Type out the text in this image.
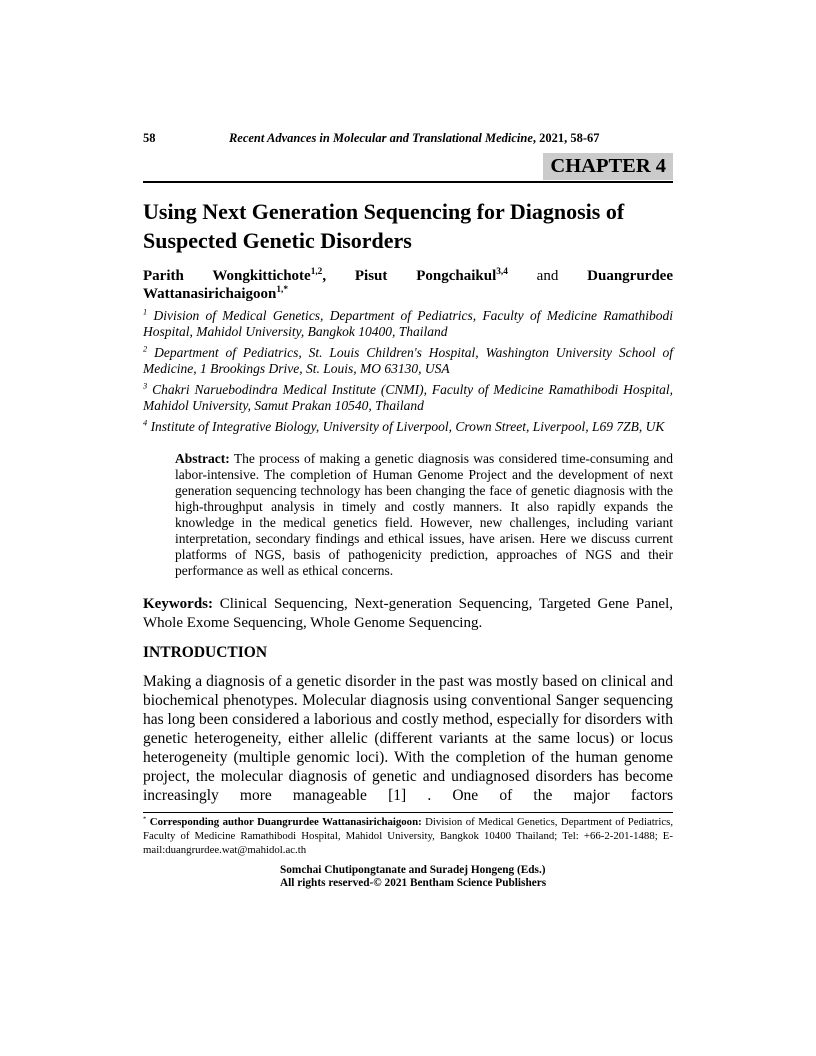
58	Recent Advances in Molecular and Translational Medicine, 2021, 58-67
CHAPTER 4
Using Next Generation Sequencing for Diagnosis of Suspected Genetic Disorders

Parith Wongkittichote$^{1,2}$, Pisut Pongchaikul$^{3,4}$ and Duangrurdee Wattanasirichaigoon$^{1,*}$

$^1$ Division of Medical Genetics, Department of Pediatrics, Faculty of Medicine Ramathibodi Hospital, Mahidol University, Bangkok 10400, Thailand

$^2$ Department of Pediatrics, St. Louis Children's Hospital, Washington University School of Medicine, 1 Brookings Drive, St. Louis, MO 63130, USA

$^3$ Chakri Naruebodindra Medical Institute (CNMI), Faculty of Medicine Ramathibodi Hospital, Mahidol University, Samut Prakan 10540, Thailand

$^4$ Institute of Integrative Biology, University of Liverpool, Crown Street, Liverpool, L69 7ZB, UK

Abstract: The process of making a genetic diagnosis was considered time-consuming and labor-intensive. The completion of Human Genome Project and the development of next generation sequencing technology has been changing the face of genetic diagnosis with the high-throughput analysis in timely and costly manners. It also rapidly expands the knowledge in the medical genetics field. However, new challenges, including variant interpretation, secondary findings and ethical issues, have arisen. Here we discuss current platforms of NGS, basis of pathogenicity prediction, approaches of NGS and their performance as well as ethical concerns.

Keywords: Clinical Sequencing, Next-generation Sequencing, Targeted Gene Panel, Whole Exome Sequencing, Whole Genome Sequencing.

INTRODUCTION

Making a diagnosis of a genetic disorder in the past was mostly based on clinical and biochemical phenotypes. Molecular diagnosis using conventional Sanger sequencing has long been considered a laborious and costly method, especially for disorders with genetic heterogeneity, either allelic (different variants at the same locus) or locus heterogeneity (multiple genomic loci). With the completion of the human genome project, the molecular diagnosis of genetic and undiagnosed disorders has become increasingly more manageable [1] . One of the major factors

* Corresponding author Duangrurdee Wattanasirichaigoon: Division of Medical Genetics, Department of Pediatrics, Faculty of Medicine Ramathibodi Hospital, Mahidol University, Bangkok 10400 Thailand; Tel: +66-2-201-1488; E-mail:duangrurdee.wat@mahidol.ac.th

Somchai Chutipongtanate and Suradej Hongeng (Eds.)
All rights reserved-© 2021 Bentham Science Publishers
